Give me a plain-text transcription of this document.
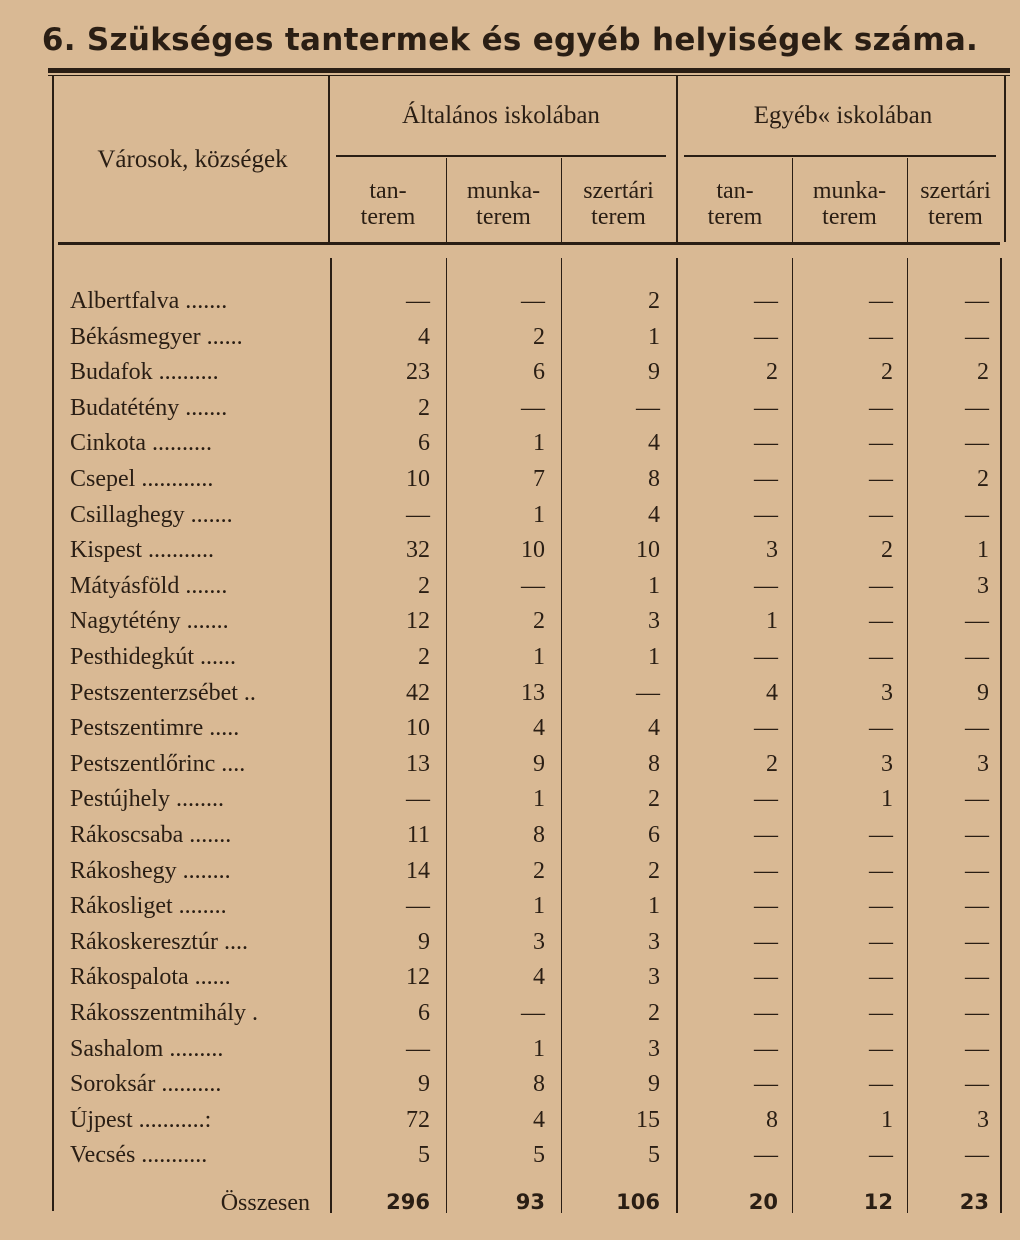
6. Szükséges tantermek és egyéb helyiségek száma.
Városok, községek
Általános iskolában	Egyéb« iskolában
tan-
terem
munka-
terem
szertári
terem
tan-
terem
munka-
terem
szertári
terem
Albertfalva .......	—	—	2	—	—	—
Békásmegyer ......	4	2	1	—	—	—
Budafok ..........	23	6	9	2	2	2
Budatétény .......	2	—	—	—	—	—
Cinkota ..........	6	1	4	—	—	—
Csepel ............	10	7	8	—	—	2
Csillaghegy .......	—	1	4	—	—	—
Kispest ...........	32	10	10	3	2	1
Mátyásföld .......	2	—	1	—	—	3
Nagytétény .......	12	2	3	1	—	—
Pesthidegkút ......	2	1	1	—	—	—
Pestszenterzsébet ..	42	13	—	4	3	9
Pestszentimre .....	10	4	4	—	—	—
Pestszentlőrinc ....	13	9	8	2	3	3
Pestújhely ........	—	1	2	—	1	—
Rákoscsaba .......	11	8	6	—	—	—
Rákoshegy ........	14	2	2	—	—	—
Rákosliget ........	—	1	1	—	—	—
Rákoskeresztúr ....	9	3	3	—	—	—
Rákospalota ......	12	4	3	—	—	—
Rákosszentmihály .	6	—	2	—	—	—
Sashalom .........	—	1	3	—	—	—
Soroksár ..........	9	8	9	—	—	—
Újpest ...........:	72	4	15	8	1	3
Vecsés ...........	5	5	5	—	—	—
Összesen	296	93	106	20	12	23
